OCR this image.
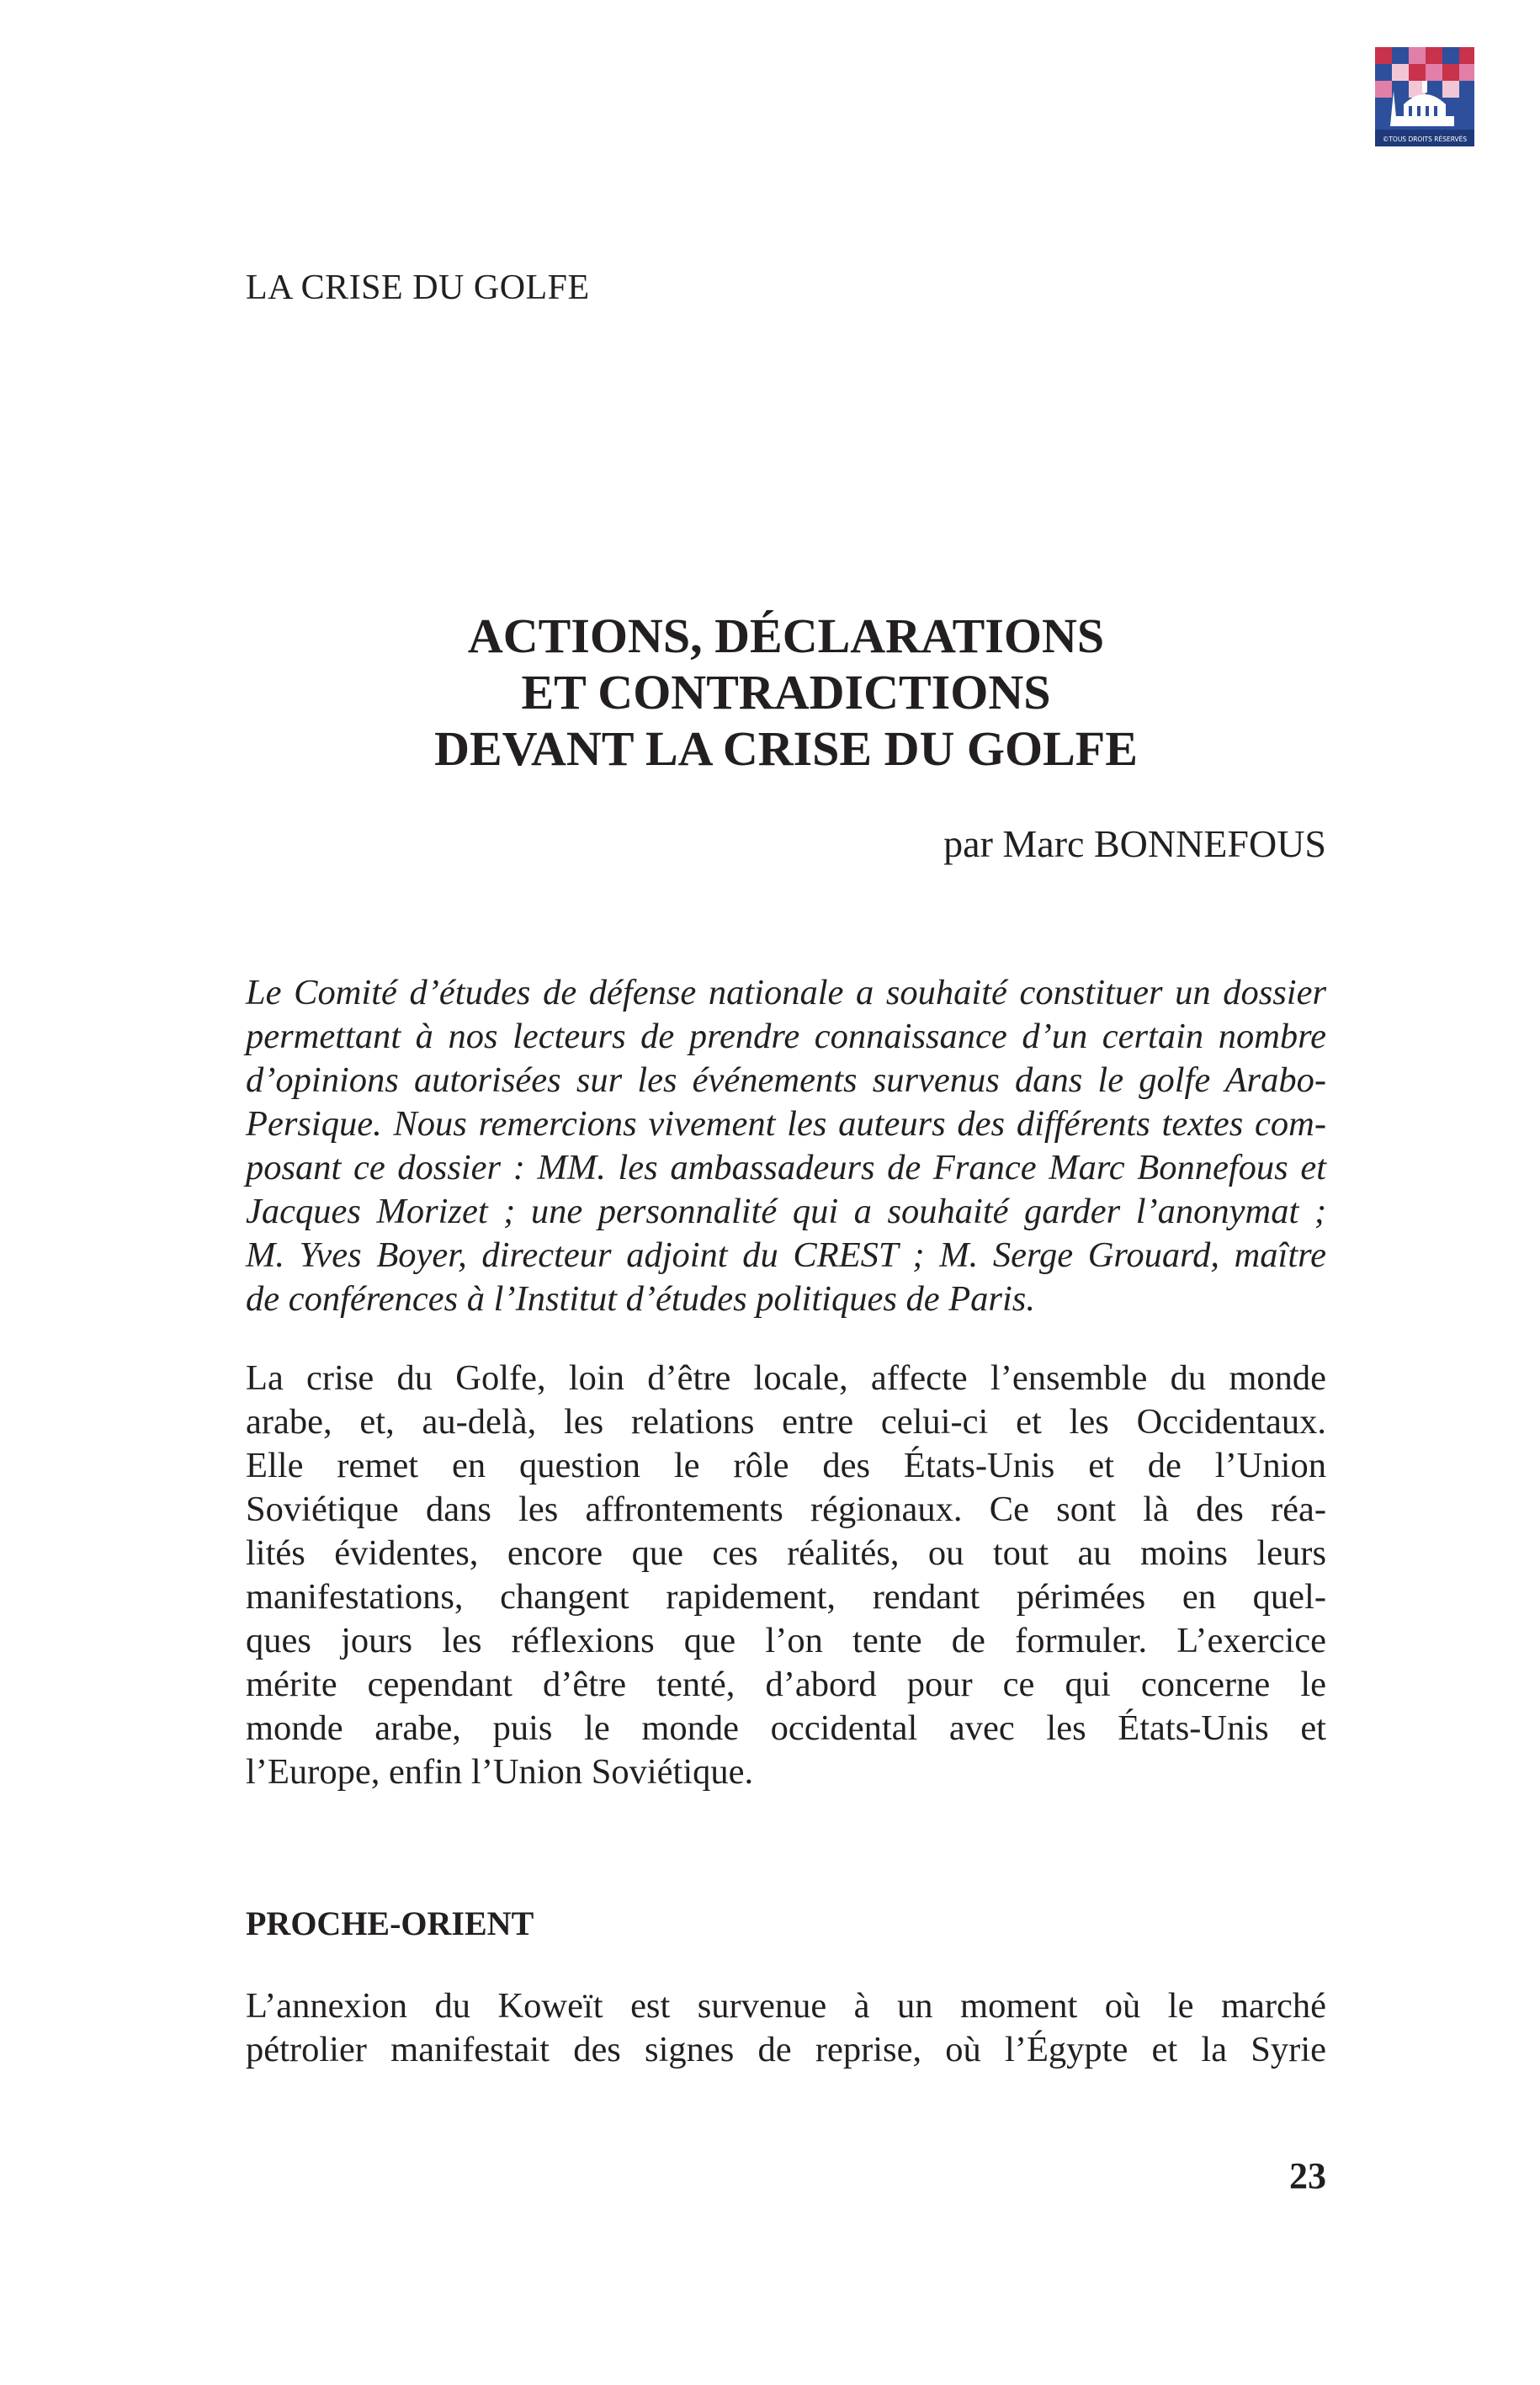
©TOUS DROITS RÉSERVÉS
LA CRISE DU GOLFE
ACTIONS, DÉCLARATIONS
ET CONTRADICTIONS
DEVANT LA CRISE DU GOLFE
par Marc BONNEFOUS
Le Comité d’études de défense nationale a souhaité constituer un dossier
permettant à nos lecteurs de prendre connaissance d’un certain nombre
d’opinions autorisées sur les événements survenus dans le golfe Arabo-
Persique. Nous remercions vivement les auteurs des différents textes com-
posant ce dossier : MM. les ambassadeurs de France Marc Bonnefous et
Jacques Morizet ; une personnalité qui a souhaité garder l’anonymat ;
M. Yves Boyer, directeur adjoint du CREST ; M. Serge Grouard, maître
de conférences à l’Institut d’études politiques de Paris.
La crise du Golfe, loin d’être locale, affecte l’ensemble du monde
arabe, et, au-delà, les relations entre celui-ci et les Occidentaux.
Elle remet en question le rôle des États-Unis et de l’Union
Soviétique dans les affrontements régionaux. Ce sont là des réa-
lités évidentes, encore que ces réalités, ou tout au moins leurs
manifestations, changent rapidement, rendant périmées en quel-
ques jours les réflexions que l’on tente de formuler. L’exercice
mérite cependant d’être tenté, d’abord pour ce qui concerne le
monde arabe, puis le monde occidental avec les États-Unis et
l’Europe, enfin l’Union Soviétique.
PROCHE-ORIENT
L’annexion du Koweït est survenue à un moment où le marché
pétrolier manifestait des signes de reprise, où l’Égypte et la Syrie
23
